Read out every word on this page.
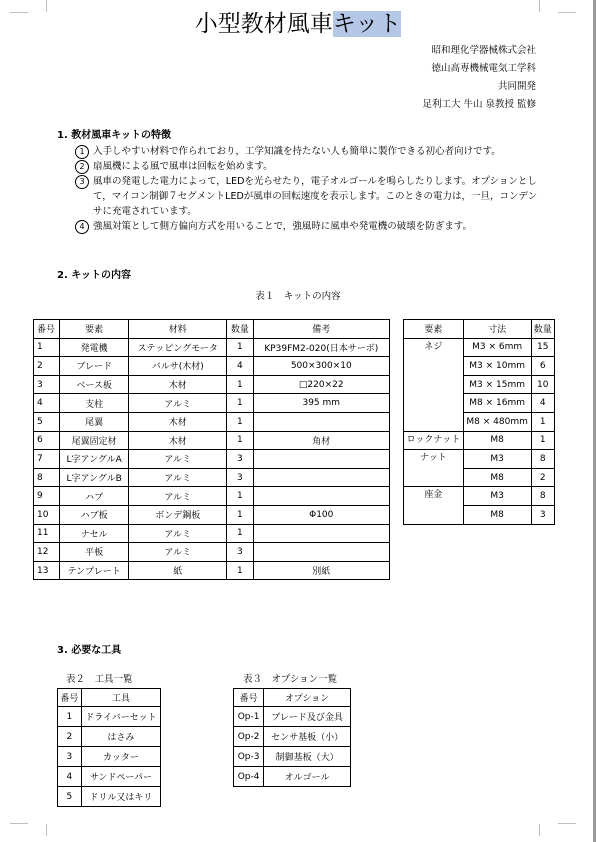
小型教材風車キット
昭和理化学器械株式会社
徳山高専機械電気工学科
共同開発
足利工大 牛山 泉教授 監修
1. 教材風車キットの特徴
1 入手しやすい材料で作られており，工学知識を持たない人も簡単に製作できる初心者向けです。
2 扇風機による風で風車は回転を始めます。
3 風車の発電した電力によって，LEDを光らせたり，電子オルゴールを鳴らしたりします。オプションとして，マイコン制御７セグメントLEDが風車の回転速度を表示します。このときの電力は，一旦，コンデンサに充電されています。
4 強風対策として側方偏向方式を用いることで，強風時に風車や発電機の破壊を防ぎます。
2. キットの内容
表１　キットの内容
番号	要素	材料	数量	備考
1	発電機	ステッピングモータ	1	KP39FM2-020(日本サーボ)
2	ブレード	バルサ(木材)	4	500×300×10
3	ベース板	木材	1	□220×22
4	支柱	アルミ	1	395 mm
5	尾翼	木材	1	
6	尾翼固定材	木材	1	角材
7	L字アングルA	アルミ	3	
8	L字アングルB	アルミ	3	
9	ハブ	アルミ	1	
10	ハブ板	ボンデ鋼板	1	Φ100
11	ナセル	アルミ	1	
12	平板	アルミ	3	
13	テンプレート	紙	1	別紙
要素	寸法	数量
ネジ	M3 × 6mm	15
	M3 × 10mm	6
	M3 × 15mm	10
	M8 × 16mm	4
	M8 × 480mm	1
ロックナット	M8	1
ナット	M3	8
	M8	2
座金	M3	8
	M8	3
3. 必要な工具
表２　工具一覧
番号	工具
1	ドライバーセット
2	はさみ
3	カッター
4	サンドペーパー
5	ドリル又はキリ
表３　オプション一覧
番号	オプション
Op-1	ブレード及び金具
Op-2	センサ基板（小）
Op-3	制御基板（大）
Op-4	オルゴール
